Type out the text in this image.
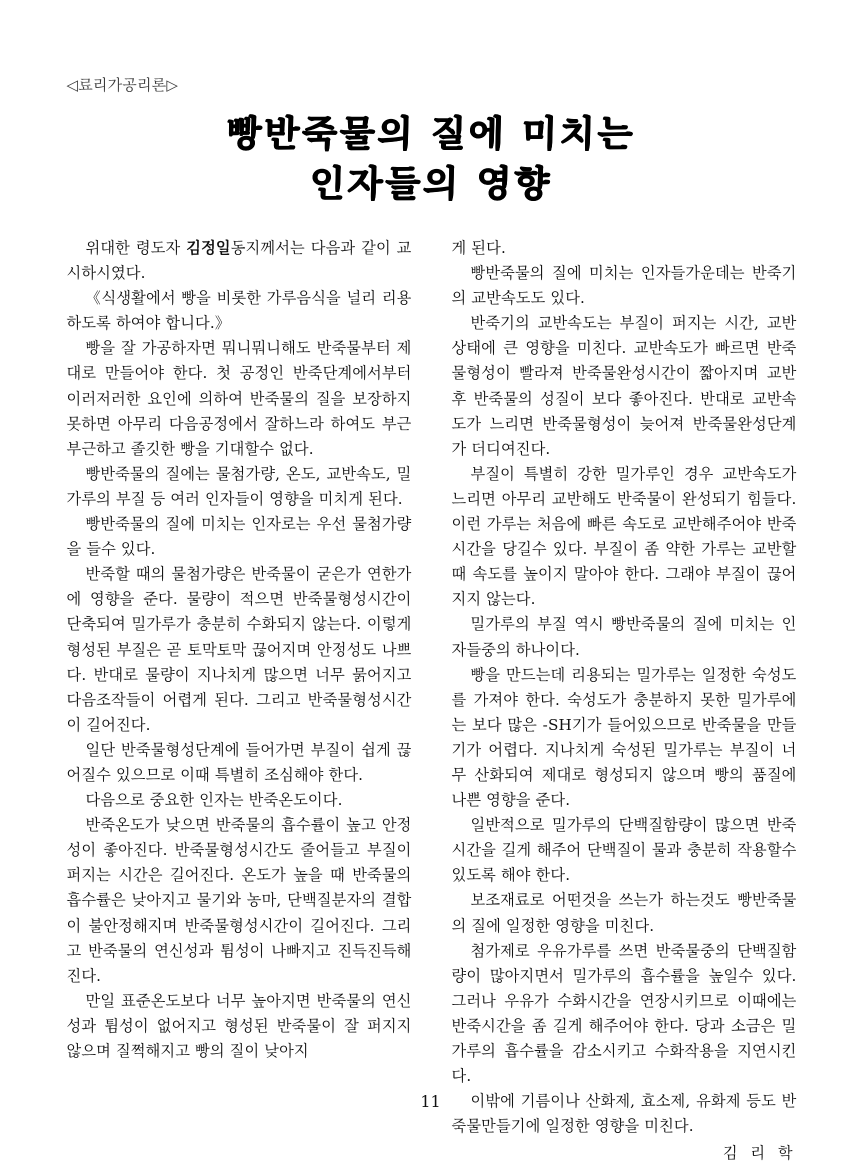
◁료리가공리론▷
빵반죽물의 질에 미치는
인자들의 영향

위대한 령도자 김정일동지께서는 다음과 같이 교시하시였다.

《식생활에서 빵을 비롯한 가루음식을 널리 리용하도록 하여야 합니다.》

빵을 잘 가공하자면 뭐니뭐니해도 반죽물부터 제대로 만들어야 한다. 첫 공정인 반죽단계에서부터 이러저러한 요인에 의하여 반죽물의 질을 보장하지 못하면 아무리 다음공정에서 잘하느라 하여도 부근부근하고 졸깃한 빵을 기대할수 없다.

빵반죽물의 질에는 물첨가량, 온도, 교반속도, 밀가루의 부질 등 여러 인자들이 영향을 미치게 된다.

빵반죽물의 질에 미치는 인자로는 우선 물첨가량을 들수 있다.

반죽할 때의 물첨가량은 반죽물이 굳은가 연한가에 영향을 준다. 물량이 적으면 반죽물형성시간이 단축되여 밀가루가 충분히 수화되지 않는다. 이렇게 형성된 부질은 곧 토막토막 끊어지며 안정성도 나쁘다. 반대로 물량이 지나치게 많으면 너무 묽어지고 다음조작들이 어렵게 된다. 그리고 반죽물형성시간이 길어진다.

일단 반죽물형성단계에 들어가면 부질이 쉽게 끊어질수 있으므로 이때 특별히 조심해야 한다.

다음으로 중요한 인자는 반죽온도이다.

반죽온도가 낮으면 반죽물의 흡수률이 높고 안정성이 좋아진다. 반죽물형성시간도 줄어들고 부질이 퍼지는 시간은 길어진다. 온도가 높을 때 반죽물의 흡수률은 낮아지고 물기와 농마, 단백질분자의 결합이 불안정해지며 반죽물형성시간이 길어진다. 그리고 반죽물의 연신성과 튐성이 나빠지고 진득진득해진다.

만일 표준온도보다 너무 높아지면 반죽물의 연신성과 튐성이 없어지고 형성된 반죽물이 잘 퍼지지 않으며 질쩍해지고 빵의 질이 낮아지

게 된다.

빵반죽물의 질에 미치는 인자들가운데는 반죽기의 교반속도도 있다.

반죽기의 교반속도는 부질이 퍼지는 시간, 교반상태에 큰 영향을 미친다. 교반속도가 빠르면 반죽물형성이 빨라져 반죽물완성시간이 짧아지며 교반후 반죽물의 성질이 보다 좋아진다. 반대로 교반속도가 느리면 반죽물형성이 늦어져 반죽물완성단계가 더디여진다.

부질이 특별히 강한 밀가루인 경우 교반속도가 느리면 아무리 교반해도 반죽물이 완성되기 힘들다. 이런 가루는 처음에 빠른 속도로 교반해주어야 반죽시간을 당길수 있다. 부질이 좀 약한 가루는 교반할 때 속도를 높이지 말아야 한다. 그래야 부질이 끊어지지 않는다.

밀가루의 부질 역시 빵반죽물의 질에 미치는 인자들중의 하나이다.

빵을 만드는데 리용되는 밀가루는 일정한 숙성도를 가져야 한다. 숙성도가 충분하지 못한 밀가루에는 보다 많은 -SH기가 들어있으므로 반죽물을 만들기가 어렵다. 지나치게 숙성된 밀가루는 부질이 너무 산화되여 제대로 형성되지 않으며 빵의 품질에 나쁜 영향을 준다.

일반적으로 밀가루의 단백질함량이 많으면 반죽시간을 길게 해주어 단백질이 물과 충분히 작용할수 있도록 해야 한다.

보조재료로 어떤것을 쓰는가 하는것도 빵반죽물의 질에 일정한 영향을 미친다.

첨가제로 우유가루를 쓰면 반죽물중의 단백질함량이 많아지면서 밀가루의 흡수률을 높일수 있다. 그러나 우유가 수화시간을 연장시키므로 이때에는 반죽시간을 좀 길게 해주어야 한다. 당과 소금은 밀가루의 흡수률을 감소시키고 수화작용을 지연시킨다.

이밖에 기름이나 산화제, 효소제, 유화제 등도 반죽물만들기에 일정한 영향을 미친다.

김 리 학
11
